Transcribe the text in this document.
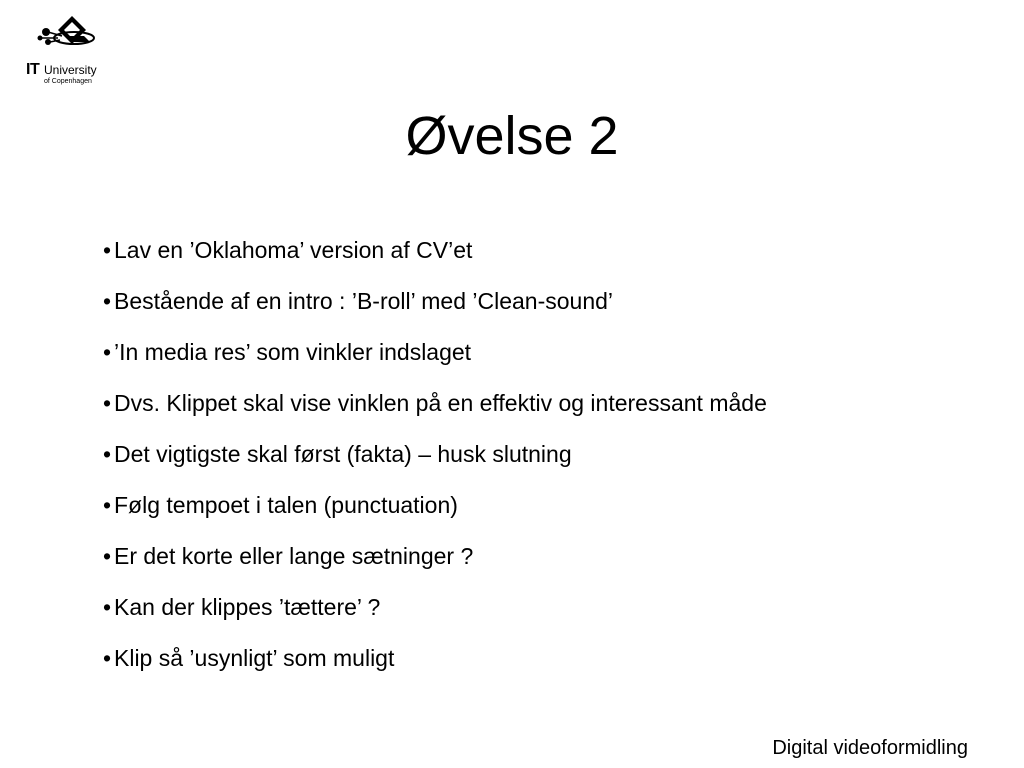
IT University
of Copenhagen
Øvelse 2
• Lav en ’Oklahoma’ version af CV’et
• Bestående af en intro : ’B-roll’ med ’Clean-sound’
• ’In media res’ som vinkler indslaget
• Dvs. Klippet skal vise vinklen på en effektiv og interessant måde
• Det vigtigste skal først (fakta) – husk slutning
• Følg tempoet i talen (punctuation)
• Er det korte eller lange sætninger ?
• Kan der klippes ’tættere’ ?
• Klip så ’usynligt’ som muligt
Digital videoformidling
